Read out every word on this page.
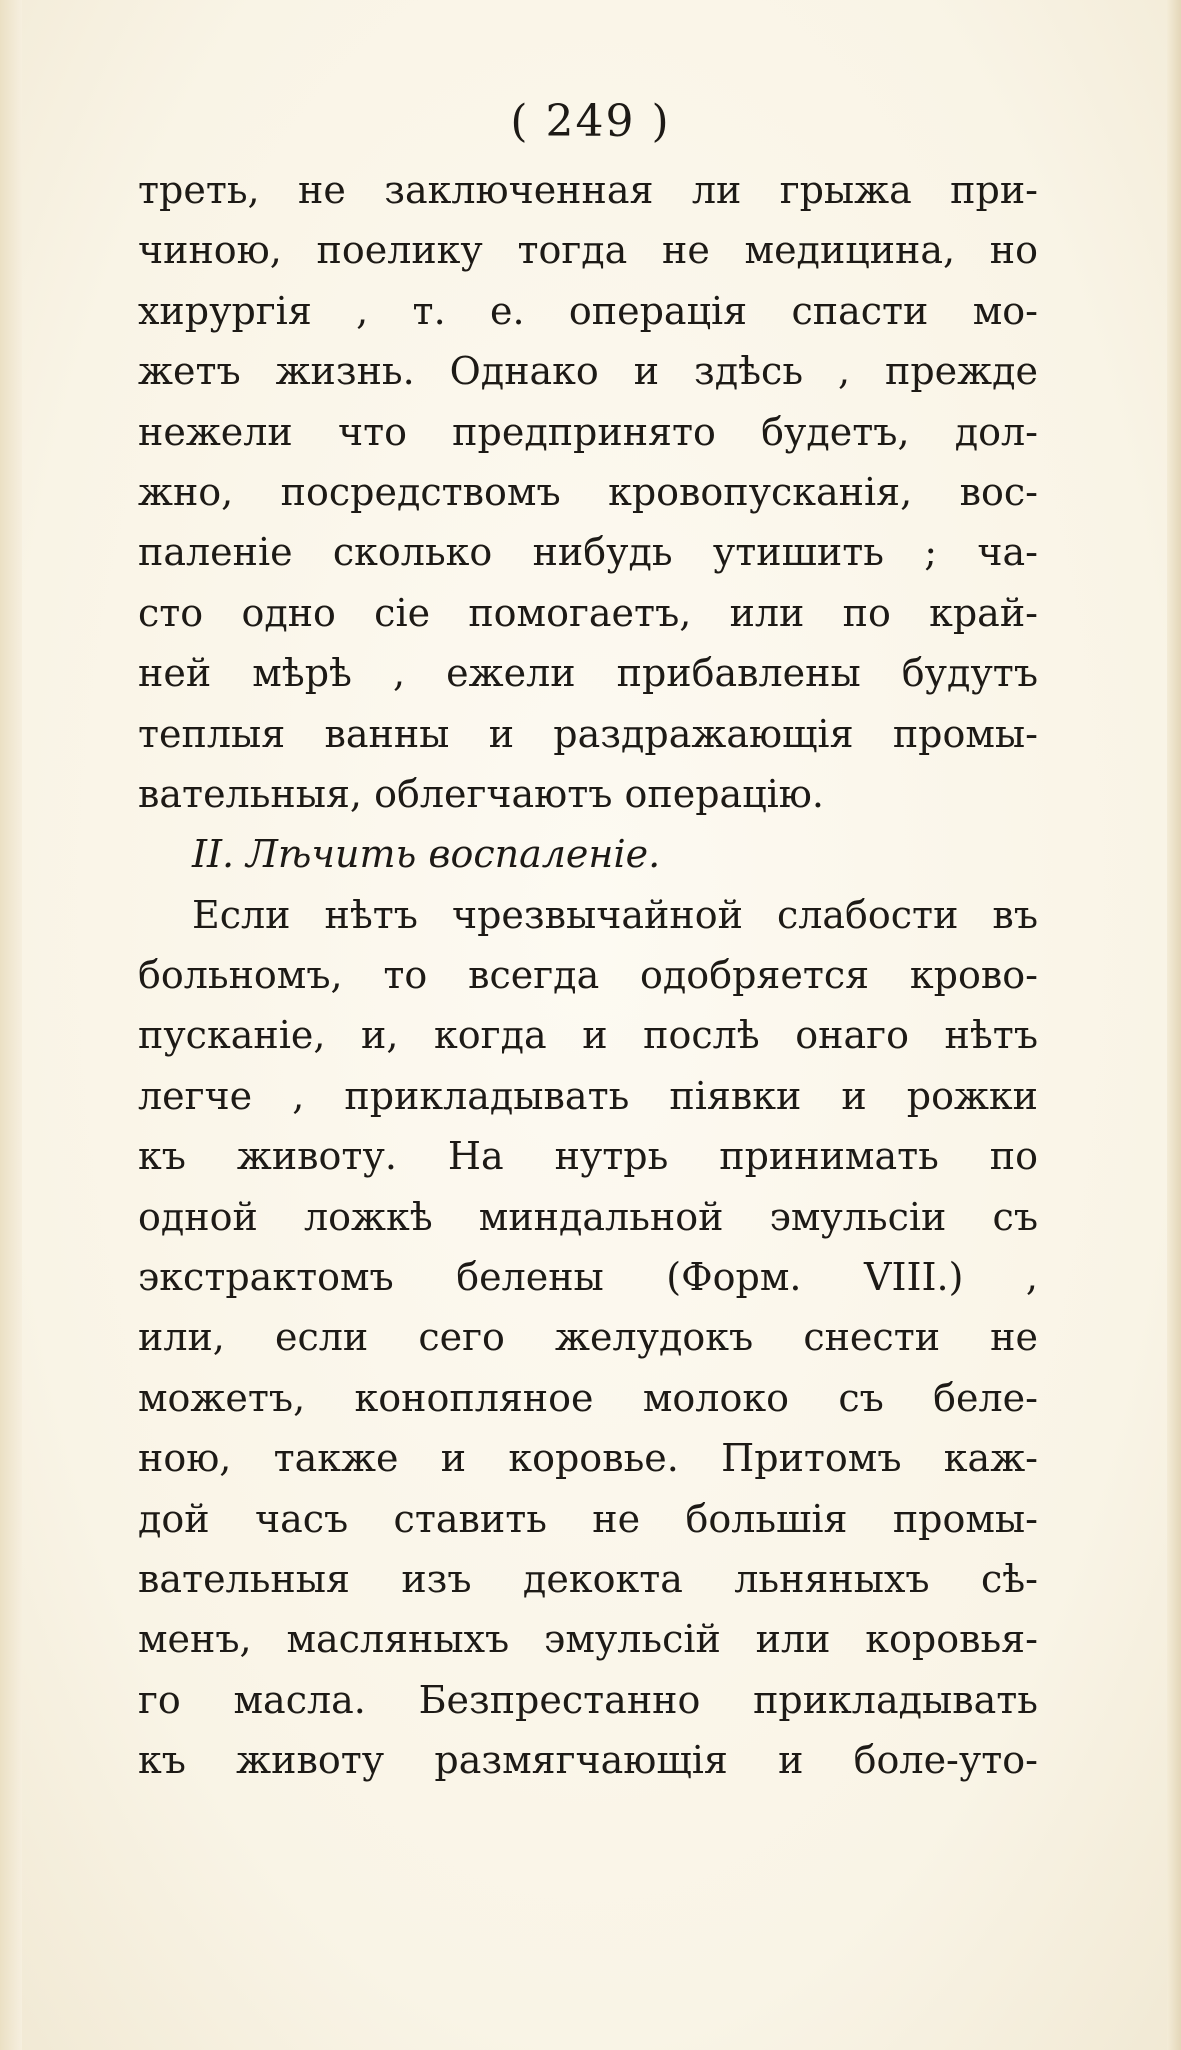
( 249 )
треть, не заключенная ли грыжа при-
чиною, поелику тогда не медицина, но
хирургія , т. е. операція спасти мо-
жетъ жизнь. Однако и здѣсь , прежде
нежели что предпринято будетъ, дол-
жно, посредствомъ кровопусканія, вос-
паленіе сколько нибудь утишить ; ча-
сто одно сіе помогаетъ, или по край-
ней мѣрѣ , ежели прибавлены будутъ
теплыя ванны и раздражающія промы-
вательныя, облегчаютъ операцію.
II. Лѣчить воспаленіе.
Если нѣтъ чрезвычайной слабости въ
больномъ, то всегда одобряется крово-
пусканіе, и, когда и послѣ онаго нѣтъ
легче , прикладывать піявки и рожки
къ животу. На нутрь принимать по
одной ложкѣ миндальной эмульсіи съ
экстрактомъ белены (Форм. VIII.) ,
или, если сего желудокъ снести не
можетъ, конопляное молоко съ беле-
ною, также и коровье. Притомъ каж-
дой часъ ставить не большія промы-
вательныя изъ декокта льняныхъ сѣ-
менъ, масляныхъ эмульсій или коровья-
го масла. Безпрестанно прикладывать
къ животу размягчающія и боле-уто-
